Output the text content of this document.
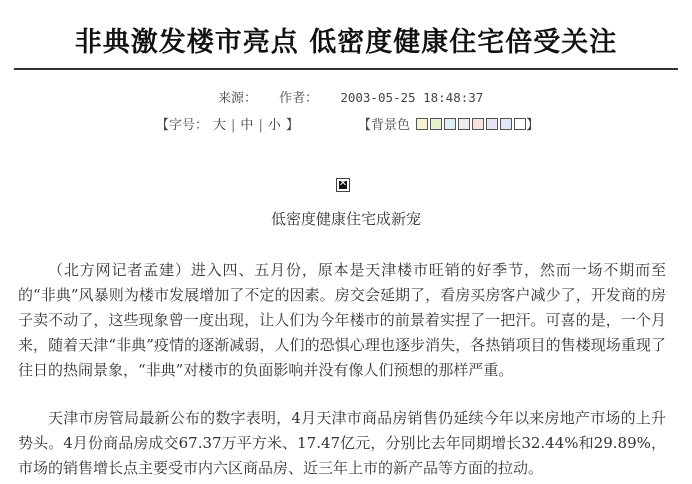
非典激发楼市亮点 低密度健康住宅倍受关注
来源： 作者： 2003-05-25 18:48:37
【字号： 大 | 中 | 小 】	【背景色	】
✕
低密度健康住宅成新宠

（北方网记者孟建）进入四、五月份，原本是天津楼市旺销的好季节，然而一场不期而至的“非典”风暴则为楼市发展增加了不定的因素。房交会延期了，看房买房客户减少了，开发商的房子卖不动了，这些现象曾一度出现，让人们为今年楼市的前景着实捏了一把汗。可喜的是，一个月来，随着天津“非典”疫情的逐渐减弱，人们的恐惧心理也逐步消失，各热销项目的售楼现场重现了往日的热闹景象，“非典”对楼市的负面影响并没有像人们预想的那样严重。

天津市房管局最新公布的数字表明，4月天津市商品房销售仍延续今年以来房地产市场的上升势头。4月份商品房成交67.37万平方米、17.47亿元，分别比去年同期增长32.44%和29.89%，市场的销售增长点主要受市内六区商品房、近三年上市的新产品等方面的拉动。
